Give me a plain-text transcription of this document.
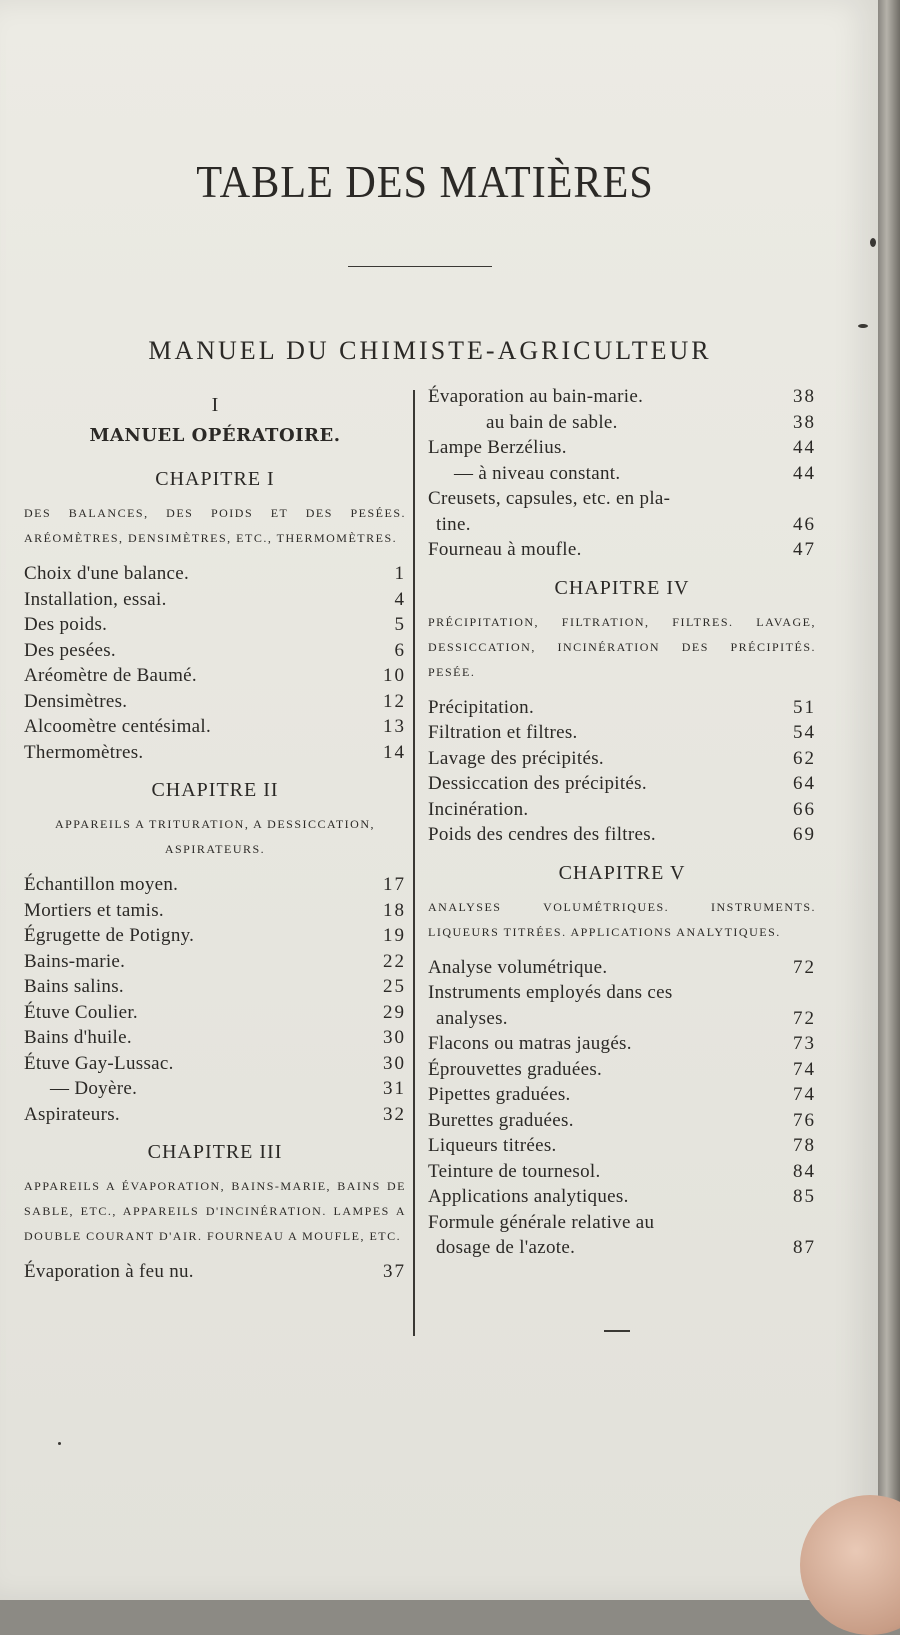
TABLE DES MATIÈRES
MANUEL DU CHIMISTE-AGRICULTEUR
I
MANUEL OPÉRATOIRE.
CHAPITRE I
DES BALANCES, DES POIDS ET DES PESÉES. ARÉOMÈTRES, DENSIMÈTRES, ETC., THERMOMÈTRES.
Choix d'une balance.	1
Installation, essai.	4
Des poids.	5
Des pesées.	6
Aréomètre de Baumé.	10
Densimètres.	12
Alcoomètre centésimal.	13
Thermomètres.	14
CHAPITRE II
APPAREILS A TRITURATION, A DESSICCATION, ASPIRATEURS.
Échantillon moyen.	17
Mortiers et tamis.	18
Égrugette de Potigny.	19
Bains-marie.	22
Bains salins.	25
Étuve Coulier.	29
Bains d'huile.	30
Étuve Gay-Lussac.	30
— Doyère.	31
Aspirateurs.	32
CHAPITRE III
APPAREILS A ÉVAPORATION, BAINS-MARIE, BAINS DE SABLE, ETC., APPAREILS D'INCINÉRATION. LAMPES A DOUBLE COURANT D'AIR. FOURNEAU A MOUFLE, ETC.
Évaporation à feu nu.	37
Évaporation au bain-marie.	38
au bain de sable.	38
Lampe Berzélius.	44
— à niveau constant.	44
Creusets, capsules, etc. en pla-
tine.	46
Fourneau à moufle.	47
CHAPITRE IV
PRÉCIPITATION, FILTRATION, FILTRES. LAVAGE, DESSICCATION, INCINÉRATION DES PRÉCIPITÉS. PESÉE.
Précipitation.	51
Filtration et filtres.	54
Lavage des précipités.	62
Dessiccation des précipités.	64
Incinération.	66
Poids des cendres des filtres.	69
CHAPITRE V
ANALYSES VOLUMÉTRIQUES. INSTRUMENTS. LIQUEURS TITRÉES. APPLICATIONS ANALYTIQUES.
Analyse volumétrique.	72
Instruments employés dans ces
analyses.	72
Flacons ou matras jaugés.	73
Éprouvettes graduées.	74
Pipettes graduées.	74
Burettes graduées.	76
Liqueurs titrées.	78
Teinture de tournesol.	84
Applications analytiques.	85
Formule générale relative au
dosage de l'azote.	87
